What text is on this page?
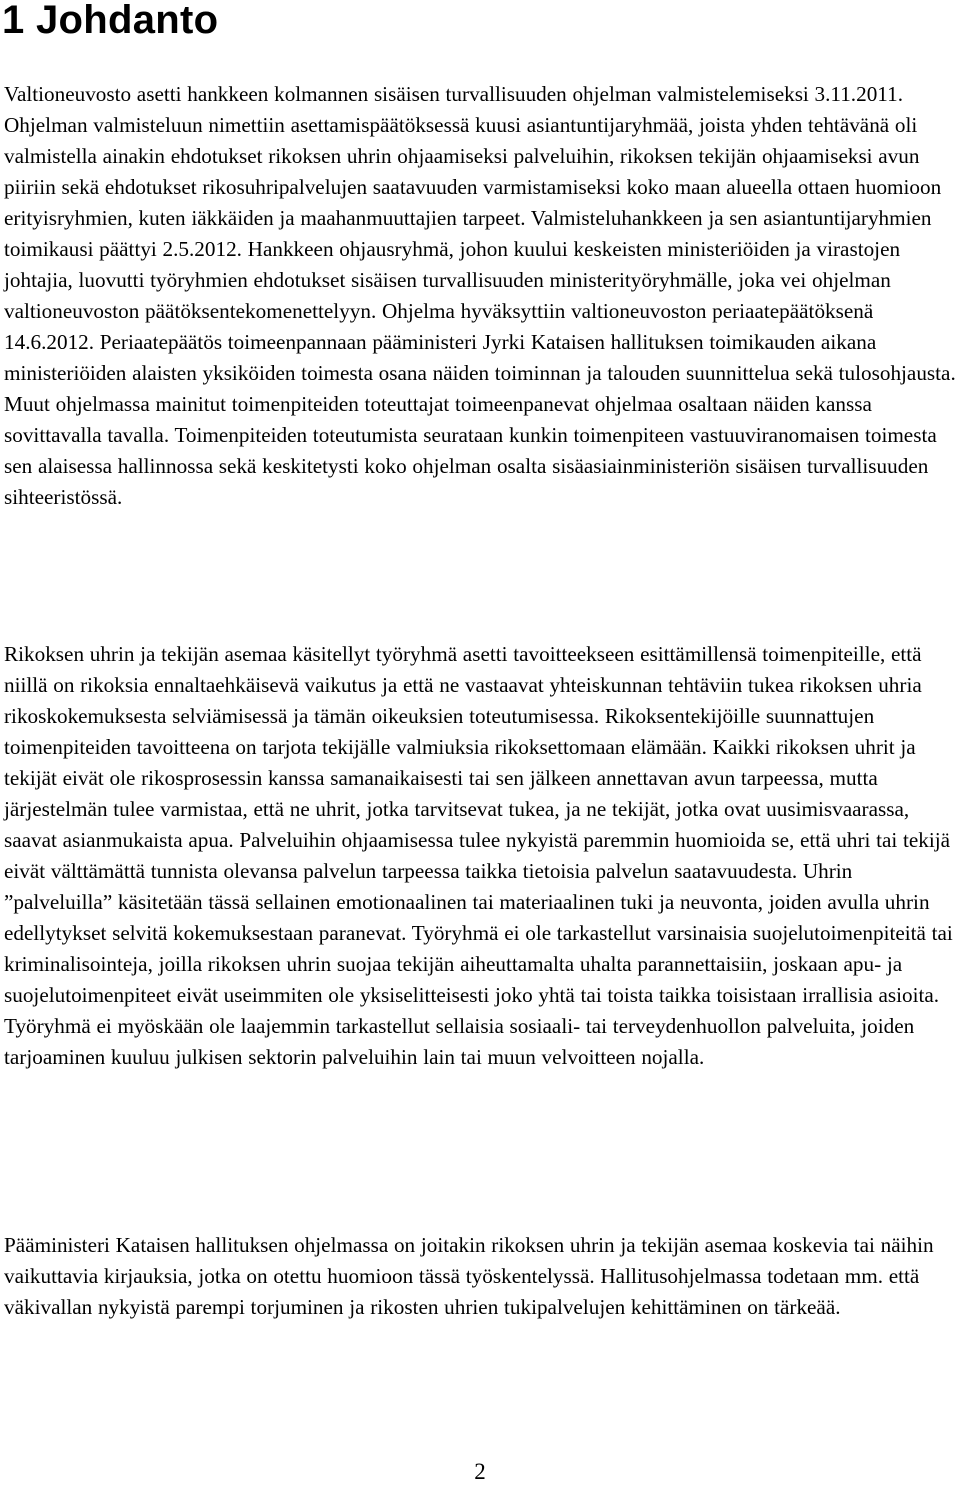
1 Johdanto

Valtioneuvosto asetti hankkeen kolmannen sisäisen turvallisuuden ohjelman valmistelemiseksi 3.11.2011. Ohjelman valmisteluun nimettiin asettamispäätöksessä kuusi asiantuntijaryhmää, joista yhden tehtävänä oli valmistella ainakin ehdotukset rikoksen uhrin ohjaamiseksi palveluihin, rikoksen tekijän ohjaamiseksi avun piiriin sekä ehdotukset rikosuhripalvelujen saatavuuden varmistamiseksi koko maan alueella ottaen huomioon erityisryhmien, kuten iäkkäiden ja maahanmuuttajien tarpeet. Valmisteluhankkeen ja sen asiantuntijaryhmien toimikausi päättyi 2.5.2012. Hankkeen ohjausryhmä, johon kuului keskeisten ministeriöiden ja virastojen johtajia, luovutti työryhmien ehdotukset sisäisen turvallisuuden ministerityöryhmälle, joka vei ohjelman valtioneuvoston päätöksentekomenettelyyn. Ohjelma hyväksyttiin valtioneuvoston periaatepäätöksenä 14.6.2012. Periaatepäätös toimeenpannaan pääministeri Jyrki Kataisen hallituksen toimikauden aikana ministeriöiden alaisten yksiköiden toimesta osana näiden toiminnan ja talouden suunnittelua sekä tulosohjausta. Muut ohjelmassa mainitut toimenpiteiden toteuttajat toimeenpanevat ohjelmaa osaltaan näiden kanssa sovittavalla tavalla. Toimenpiteiden toteutumista seurataan kunkin toimenpiteen vastuuviranomaisen toimesta sen alaisessa hallinnossa sekä keskitetysti koko ohjelman osalta sisäasiainministeriön sisäisen turvallisuuden sihteeristössä.

Rikoksen uhrin ja tekijän asemaa käsitellyt työryhmä asetti tavoitteekseen esittämillensä toimenpiteille, että niillä on rikoksia ennaltaehkäisevä vaikutus ja että ne vastaavat yhteiskunnan tehtäviin tukea rikoksen uhria rikoskokemuksesta selviämisessä ja tämän oikeuksien toteutumisessa. Rikoksentekijöille suunnattujen toimenpiteiden tavoitteena on tarjota tekijälle valmiuksia rikoksettomaan elämään. Kaikki rikoksen uhrit ja tekijät eivät ole rikosprosessin kanssa samanaikaisesti tai sen jälkeen annettavan avun tarpeessa, mutta järjestelmän tulee varmistaa, että ne uhrit, jotka tarvitsevat tukea, ja ne tekijät, jotka ovat uusimisvaarassa, saavat asianmukaista apua. Palveluihin ohjaamisessa tulee nykyistä paremmin huomioida se, että uhri tai tekijä eivät välttämättä tunnista olevansa palvelun tarpeessa taikka tietoisia palvelun saatavuudesta. Uhrin ”palveluilla” käsitetään tässä sellainen emotionaalinen tai materiaalinen tuki ja neuvonta, joiden avulla uhrin edellytykset selvitä kokemuksestaan paranevat. Työryhmä ei ole tarkastellut varsinaisia suojelutoimenpiteitä tai kriminalisointeja, joilla rikoksen uhrin suojaa tekijän aiheuttamalta uhalta parannettaisiin, joskaan apu- ja suojelutoimenpiteet eivät useimmiten ole yksiselitteisesti joko yhtä tai toista taikka toisistaan irrallisia asioita. Työryhmä ei myöskään ole laajemmin tarkastellut sellaisia sosiaali- tai terveydenhuollon palveluita, joiden tarjoaminen kuuluu julkisen sektorin palveluihin lain tai muun velvoitteen nojalla.

Pääministeri Kataisen hallituksen ohjelmassa on joitakin rikoksen uhrin ja tekijän asemaa koskevia tai näihin vaikuttavia kirjauksia, jotka on otettu huomioon tässä työskentelyssä. Hallitusohjelmassa todetaan mm. että väkivallan nykyistä parempi torjuminen ja rikosten uhrien tukipalvelujen kehittäminen on tärkeää.

2
